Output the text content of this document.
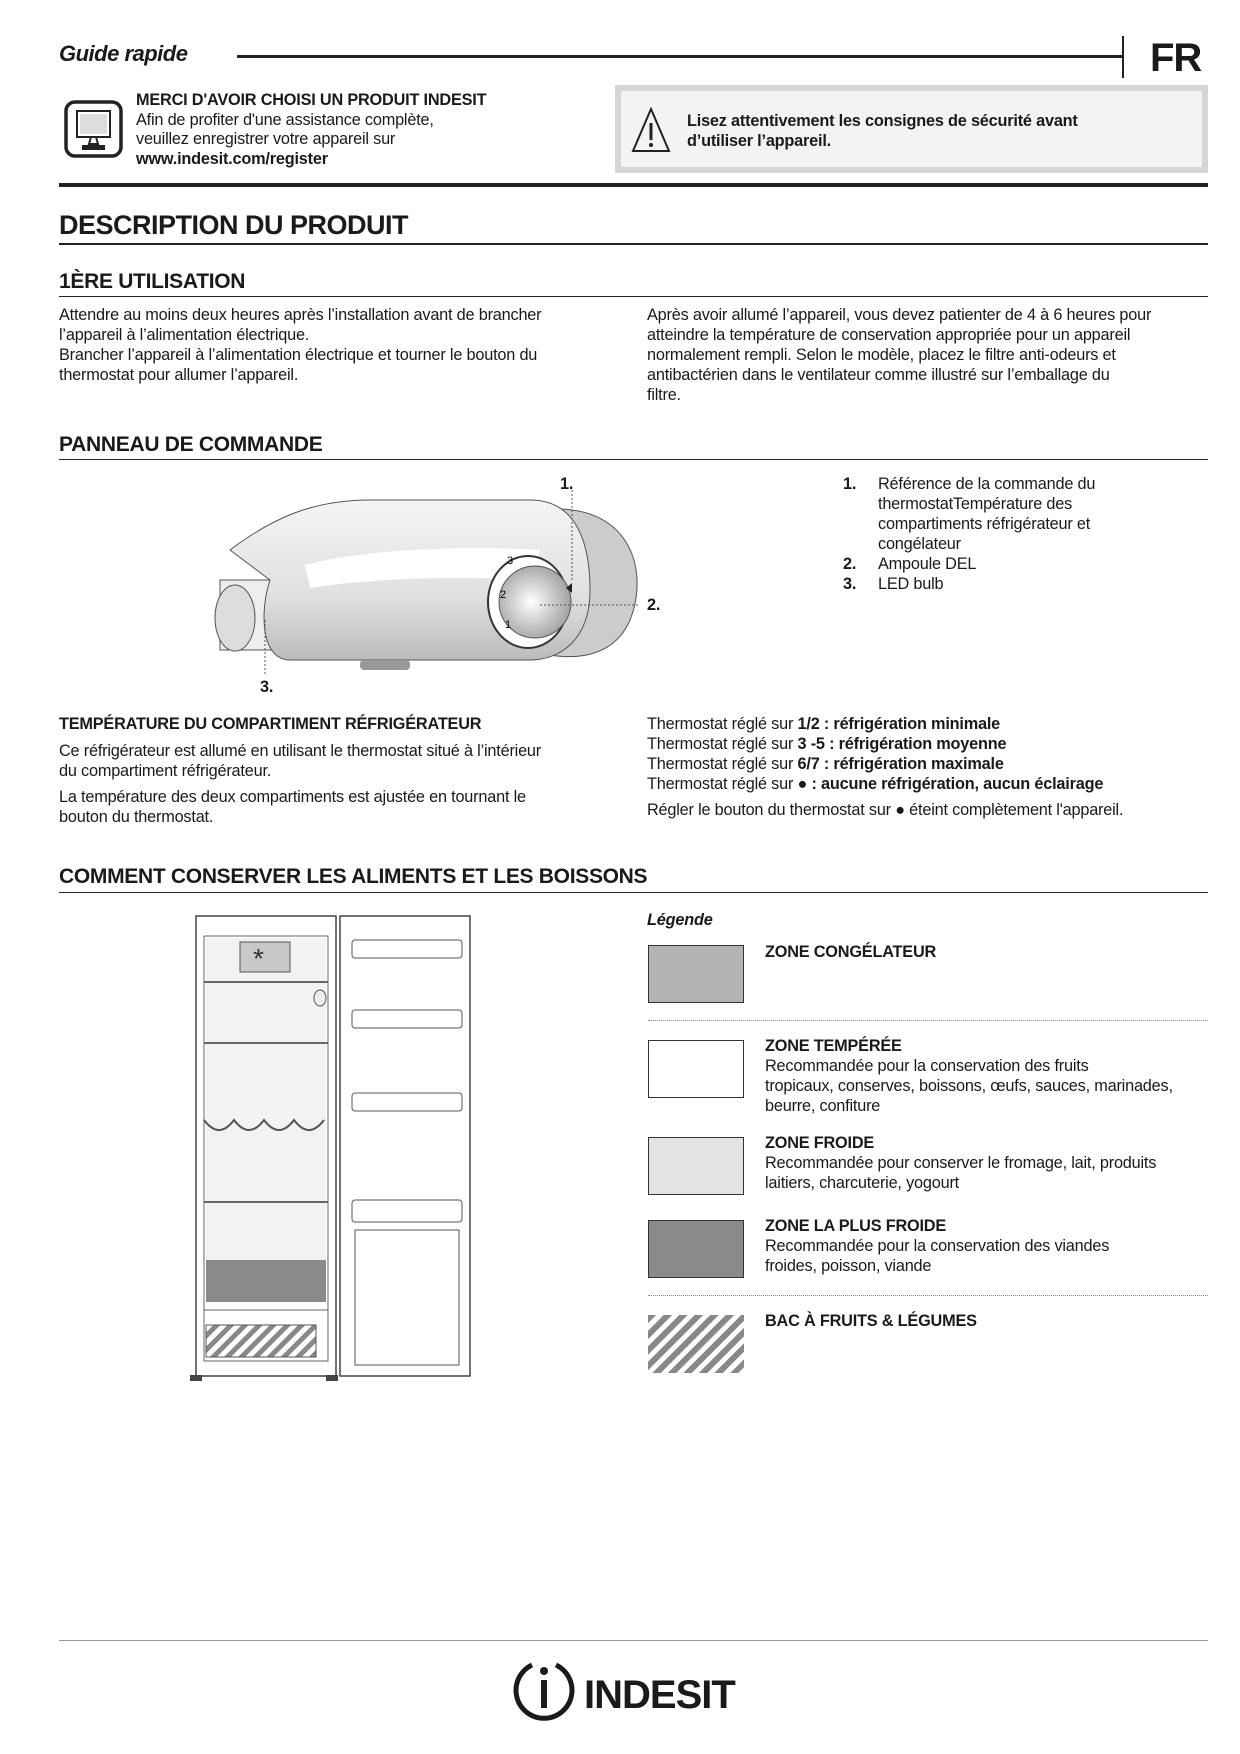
Guide rapide	FR
MERCI D'AVOIR CHOISI UN PRODUIT INDESIT
Afin de profiter d'une assistance complète,
veuillez enregistrer votre appareil sur
www.indesit.com/register
Lisez attentivement les consignes de sécurité avant
d’utiliser l’appareil.
DESCRIPTION DU PRODUIT
1ÈRE UTILISATION
Attendre au moins deux heures après l’installation avant de brancher
l’appareil à l’alimentation électrique.
Brancher l’appareil à l’alimentation électrique et tourner le bouton du
thermostat pour allumer l’appareil.
Après avoir allumé l’appareil, vous devez patienter de 4 à 6 heures pour
atteindre la température de conservation appropriée pour un appareil
normalement rempli. Selon le modèle, placez le filtre anti-odeurs et
antibactérien dans le ventilateur comme illustré sur l’emballage du
filtre.
PANNEAU DE COMMANDE
1
2
3
1.
2.
3.
1.	Référence de la commande du
thermostatTempérature des
compartiments réfrigérateur et
congélateur
2.	Ampoule DEL
3.	LED bulb
TEMPÉRATURE DU COMPARTIMENT RÉFRIGÉRATEUR
Ce réfrigérateur est allumé en utilisant le thermostat situé à l’intérieur
du compartiment réfrigérateur.
La température des deux compartiments est ajustée en tournant le
bouton du thermostat.
Thermostat réglé sur 1/2 : réfrigération minimale
Thermostat réglé sur 3 -5 : réfrigération moyenne
Thermostat réglé sur 6/7 : réfrigération maximale
Thermostat réglé sur ● : aucune réfrigération, aucun éclairage
Régler le bouton du thermostat sur ● éteint complètement l'appareil.
COMMENT CONSERVER LES ALIMENTS ET LES BOISSONS
*
Légende
ZONE CONGÉLATEUR
ZONE TEMPÉRÉE
Recommandée pour la conservation des fruits
tropicaux, conserves, boissons, œufs, sauces, marinades,
beurre, confiture
ZONE FROIDE
Recommandée pour conserver le fromage, lait, produits
laitiers, charcuterie, yogourt
ZONE LA PLUS FROIDE
Recommandée pour la conservation des viandes
froides, poisson, viande
BAC À FRUITS & LÉGUMES
INDESIT
